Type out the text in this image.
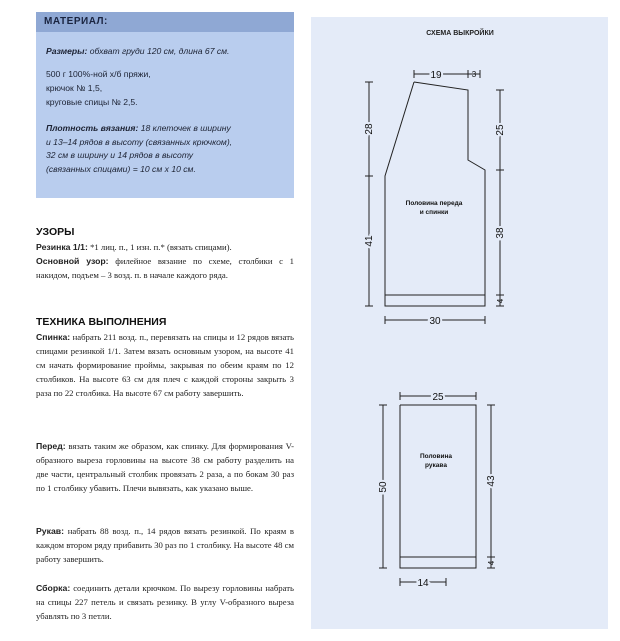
МАТЕРИАЛ:
Размеры: обхват груди 120 см, длина 67 см.
500 г 100%-ной х/б пряжи,
крючок № 1,5,
круговые спицы № 2,5.
Плотность вязания: 18 клеточек в ширину
и 13–14 рядов в высоту (связанных крючком),
32 см в ширину и 14 рядов в высоту
(связанных спицами) = 10 см х 10 см.
УЗОРЫ
Резинка 1/1: *1 лиц. п., 1 изн. п.* (вязать спицами).
Основной узор: филейное вязание по схеме, столбики с 1 накидом, подъем – 3 возд. п. в начале каждого ряда.
ТЕХНИКА ВЫПОЛНЕНИЯ
Спинка: набрать 211 возд. п., перевязать на спицы и 12 рядов вязать спицами резинкой 1/1. Затем вязать основным узором, на высоте 41 см начать формирование проймы, закрывая по обеим краям по 12 столбиков. На высоте 63 см для плеч с каждой стороны закрыть 3 раза по 22 столбика. На высоте 67 см работу завершить.
Перед: вязать таким же образом, как спинку. Для формирования V-образного выреза горловины на высоте 38 см работу разделить на две части, центральный столбик провязать 2 раза, а по бокам 30 раз по 1 столбику убавить. Плечи вывязать, как указано выше.
Рукав: набрать 88 возд. п., 14 рядов вязать резинкой. По краям в каждом втором ряду прибавить 30 раз по 1 столбику. На высоте 48 см работу завершить.
Сборка: соединить детали крючком. По вырезу горловины набрать на спицы 227 петель и связать резинку. В углу V-образного выреза убавлять по 3 петли.
СХЕМА ВЫКРОЙКИ
19	3
28
41
25
38
4
30
25
50
43
4
14
Половина переда
и спинки
Половина
рукава
